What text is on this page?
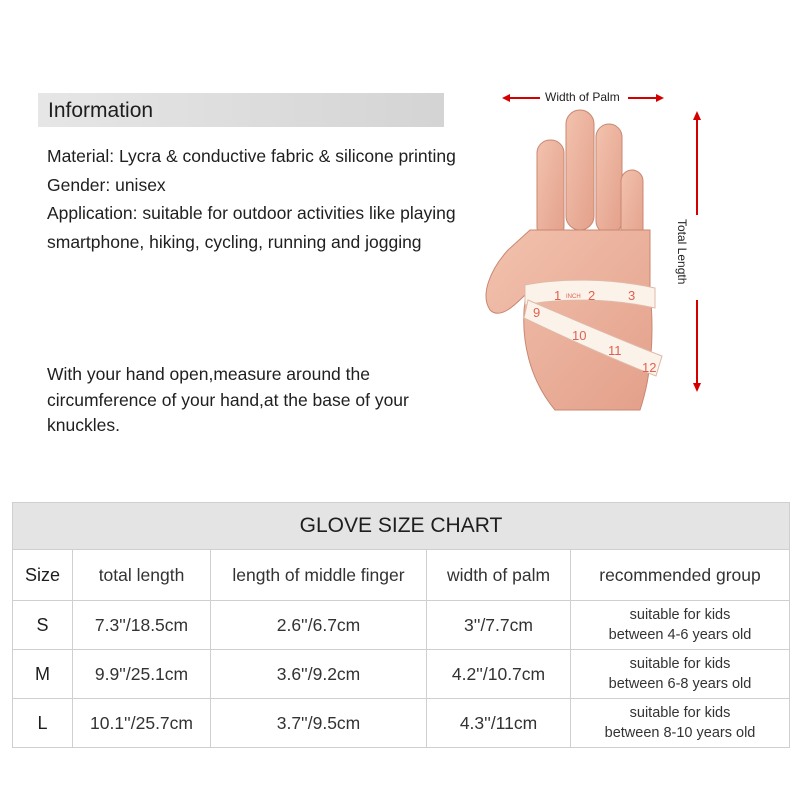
Information
Material: Lycra & conductive fabric & silicone printing
Gender: unisex
Application: suitable for outdoor activities like playing smartphone, hiking, cycling, running and jogging
With your hand open,measure around the circumference of your hand,at the base of your knuckles.
1 2	3
9
10
11
12
INCH
Width of Palm
Total Length
GLOVE SIZE CHART				
Size	total length	length of middle finger	width of palm	recommended group
S	7.3''/18.5cm	2.6''/6.7cm	3''/7.7cm	suitable for kids
between 4-6 years old

M	9.9''/25.1cm	3.6''/9.2cm	4.2''/10.7cm	suitable for kids
between 6-8 years old

L	10.1''/25.7cm	3.7''/9.5cm	4.3''/11cm	suitable for kids
between 8-10 years old
